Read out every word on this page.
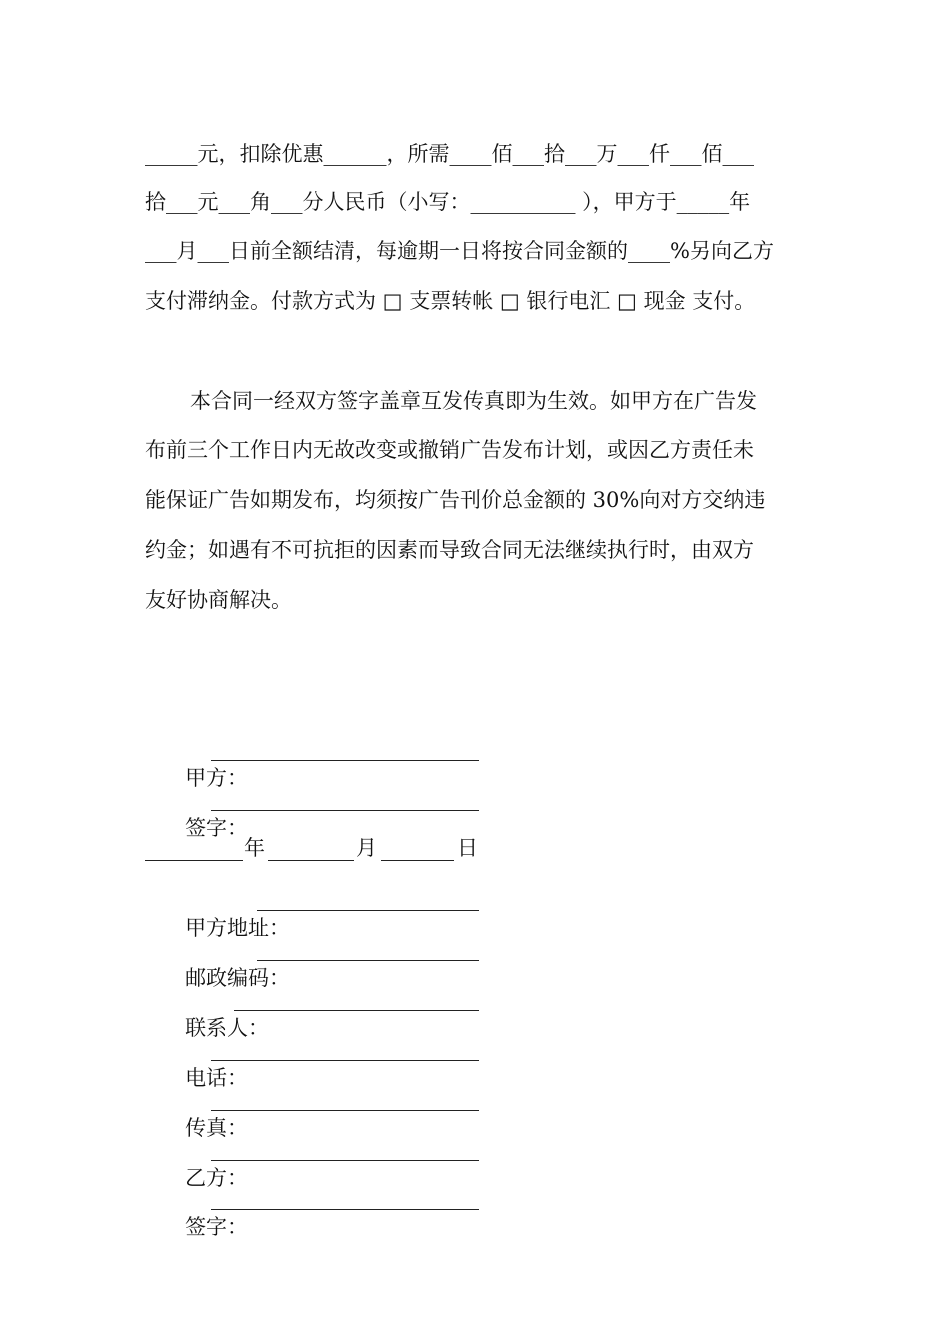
_____元，扣除优惠______，所需____佰___拾___万___仟___佰___
拾___元___角___分人民币（小写：__________ ），甲方于_____年
___月___日前全额结清，每逾期一日将按合同金额的____%另向乙方
支付滞纳金。付款方式为 □ 支票转帐 □ 银行电汇 □ 现金 支付。
本合同一经双方签字盖章互发传真即为生效。如甲方在广告发
布前三个工作日内无故改变或撤销广告发布计划，或因乙方责任未
能保证广告如期发布，均须按广告刊价总金额的 30%向对方交纳违
约金；如遇有不可抗拒的因素而导致合同无法继续执行时，由双方
友好协商解决。

甲方：

签字：

年	月	日

甲方地址：

邮政编码：

联系人：

电话：

传真：

乙方：

签字：
